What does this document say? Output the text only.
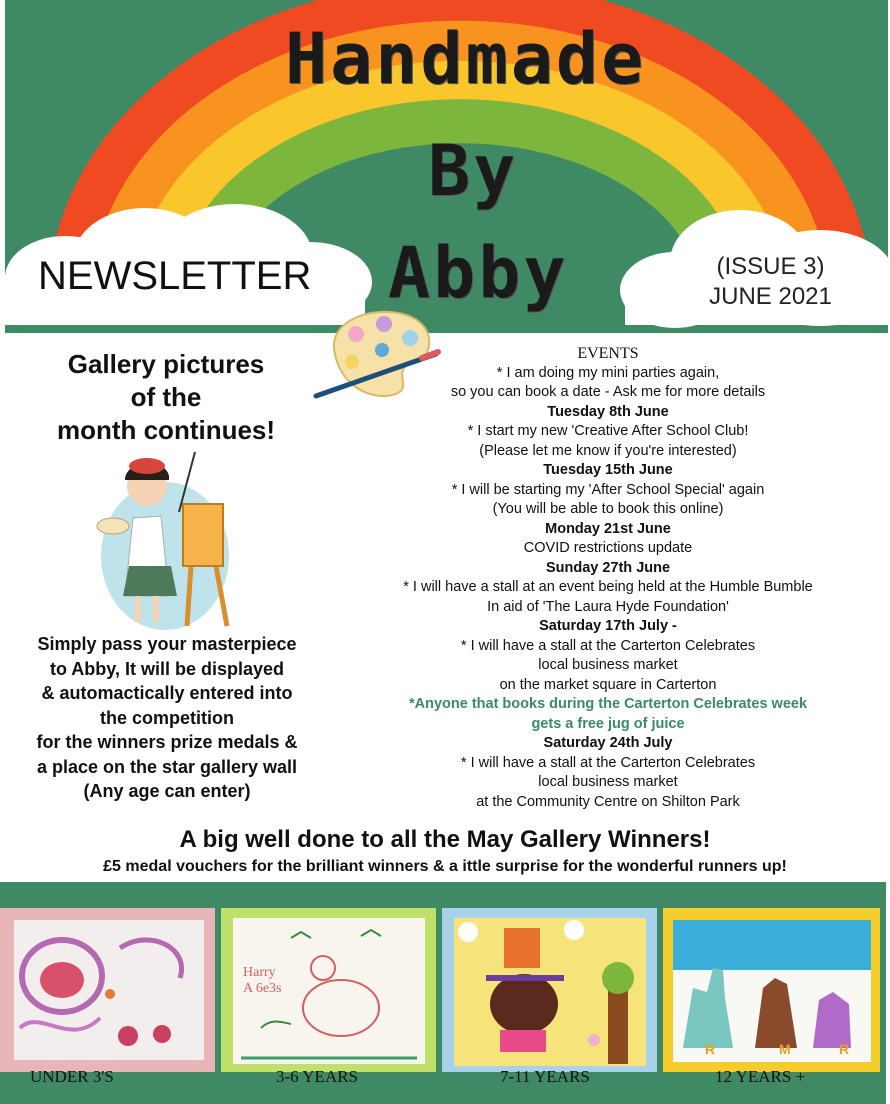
Handmade
By
Abby
NEWSLETTER	(ISSUE 3)
JUNE 2021
Gallery pictures
of the
month continues!
Simply pass your masterpiece
to Abby, It will be displayed
& automactically entered into
the competition
for the winners prize medals &
a place on the star gallery wall
(Any age can enter)
EVENTS
* I am doing my mini parties again,
so you can book a date - Ask me for more details
Tuesday 8th June
* I start my new 'Creative After School Club!
(Please let me know if you're interested)
Tuesday 15th June
* I will be starting my 'After School Special' again
(You will be able to book this online)
Monday 21st June
COVID restrictions update
Sunday 27th June
* I will have a stall at an event being held at the Humble Bumble
In aid of 'The Laura Hyde Foundation'
Saturday 17th July -
* I will have a stall at the Carterton Celebrates
local business market
on the market square in Carterton
*Anyone that books during the Carterton Celebrates week
gets a free jug of juice
Saturday 24th July
* I will have a stall at the Carterton Celebrates
local business market
at the Community Centre on Shilton Park
A big well done to all the May Gallery Winners!
£5 medal vouchers for the brilliant winners & a ittle surprise for the wonderful runners up!
Harry
A 6e3s
R	M	R
UNDER 3'S	3-6 YEARS	7-11 YEARS	12 YEARS +
